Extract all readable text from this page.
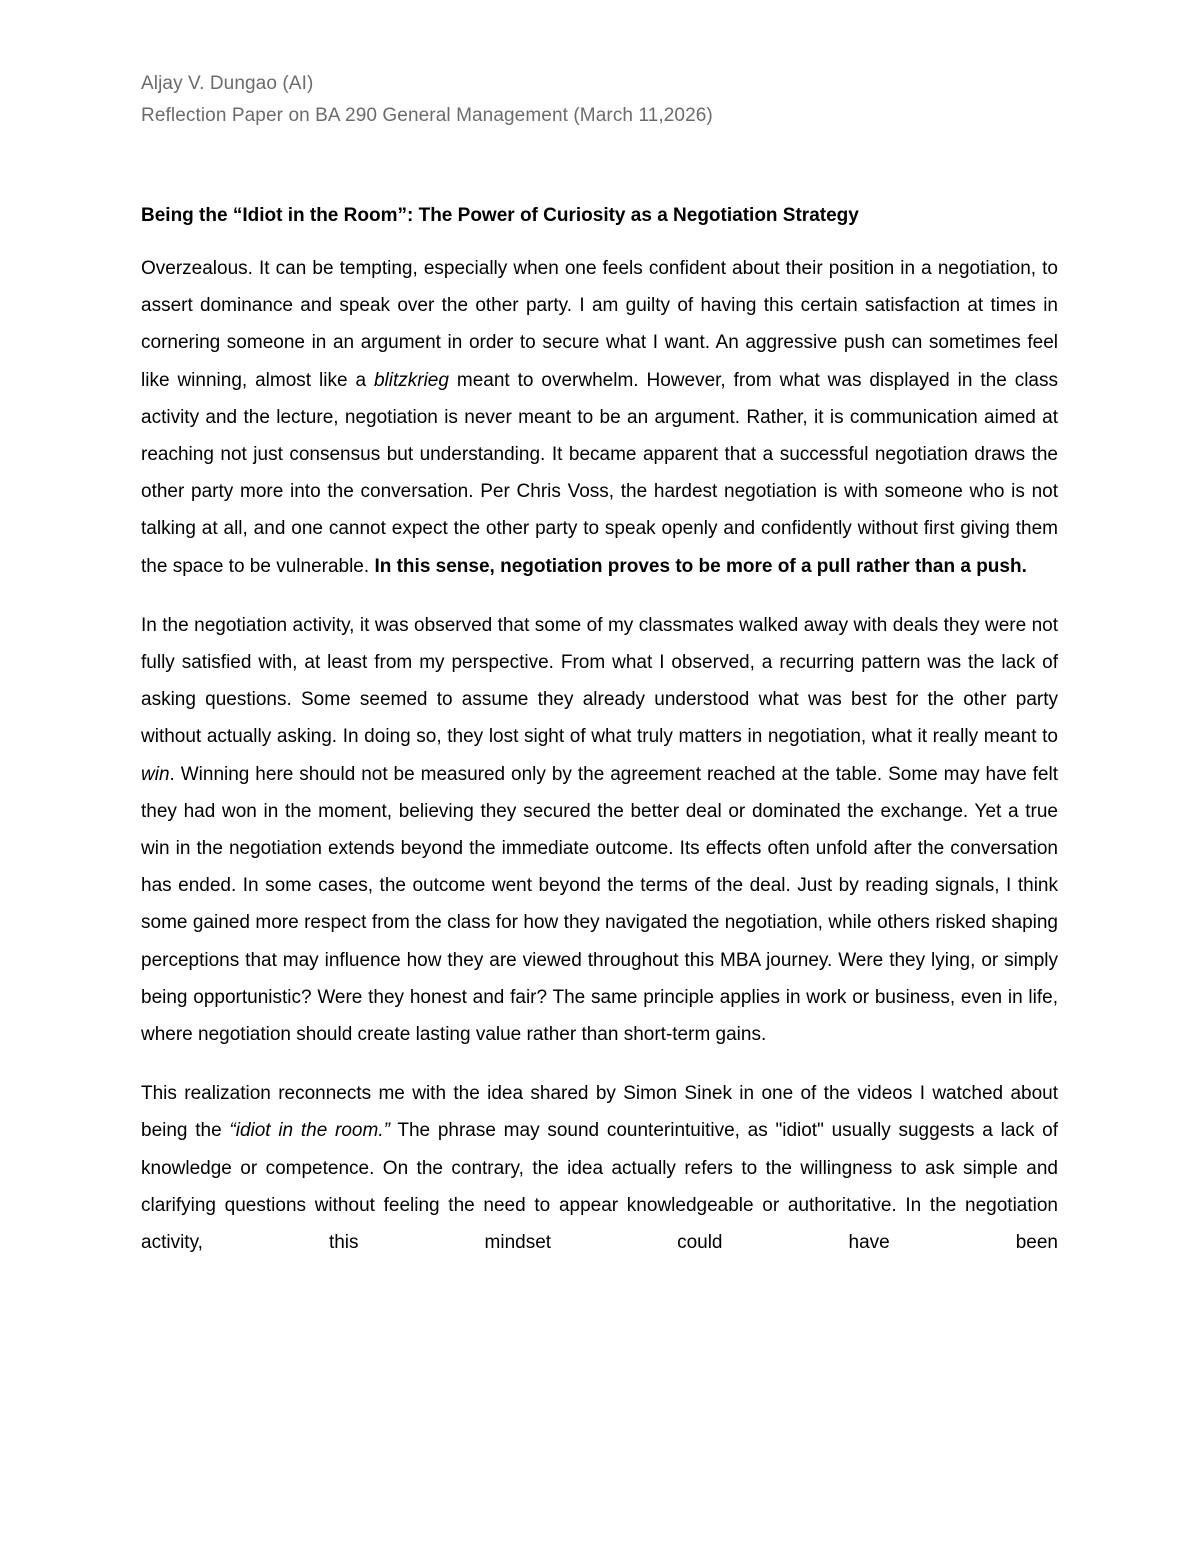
Aljay V. Dungao (AI)
Reflection Paper on BA 290 General Management (March 11,2026)
Being the “Idiot in the Room”: The Power of Curiosity as a Negotiation Strategy

Overzealous. It can be tempting, especially when one feels confident about their position in a negotiation, to assert dominance and speak over the other party. I am guilty of having this certain satisfaction at times in cornering someone in an argument in order to secure what I want. An aggressive push can sometimes feel like winning, almost like a blitzkrieg meant to overwhelm. However, from what was displayed in the class activity and the lecture, negotiation is never meant to be an argument. Rather, it is communication aimed at reaching not just consensus but understanding. It became apparent that a successful negotiation draws the other party more into the conversation. Per Chris Voss, the hardest negotiation is with someone who is not talking at all, and one cannot expect the other party to speak openly and confidently without first giving them the space to be vulnerable. In this sense, negotiation proves to be more of a pull rather than a push.

In the negotiation activity, it was observed that some of my classmates walked away with deals they were not fully satisfied with, at least from my perspective. From what I observed, a recurring pattern was the lack of asking questions. Some seemed to assume they already understood what was best for the other party without actually asking. In doing so, they lost sight of what truly matters in negotiation, what it really meant to win. Winning here should not be measured only by the agreement reached at the table. Some may have felt they had won in the moment, believing they secured the better deal or dominated the exchange. Yet a true win in the negotiation extends beyond the immediate outcome. Its effects often unfold after the conversation has ended. In some cases, the outcome went beyond the terms of the deal. Just by reading signals, I think some gained more respect from the class for how they navigated the negotiation, while others risked shaping perceptions that may influence how they are viewed throughout this MBA journey. Were they lying, or simply being opportunistic? Were they honest and fair? The same principle applies in work or business, even in life, where negotiation should create lasting value rather than short-term gains.

This realization reconnects me with the idea shared by Simon Sinek in one of the videos I watched about being the “idiot in the room.” The phrase may sound counterintuitive, as "idiot" usually suggests a lack of knowledge or competence. On the contrary, the idea actually refers to the willingness to ask simple and clarifying questions without feeling the need to appear knowledgeable or authoritative. In the negotiation activity, this mindset could have been
